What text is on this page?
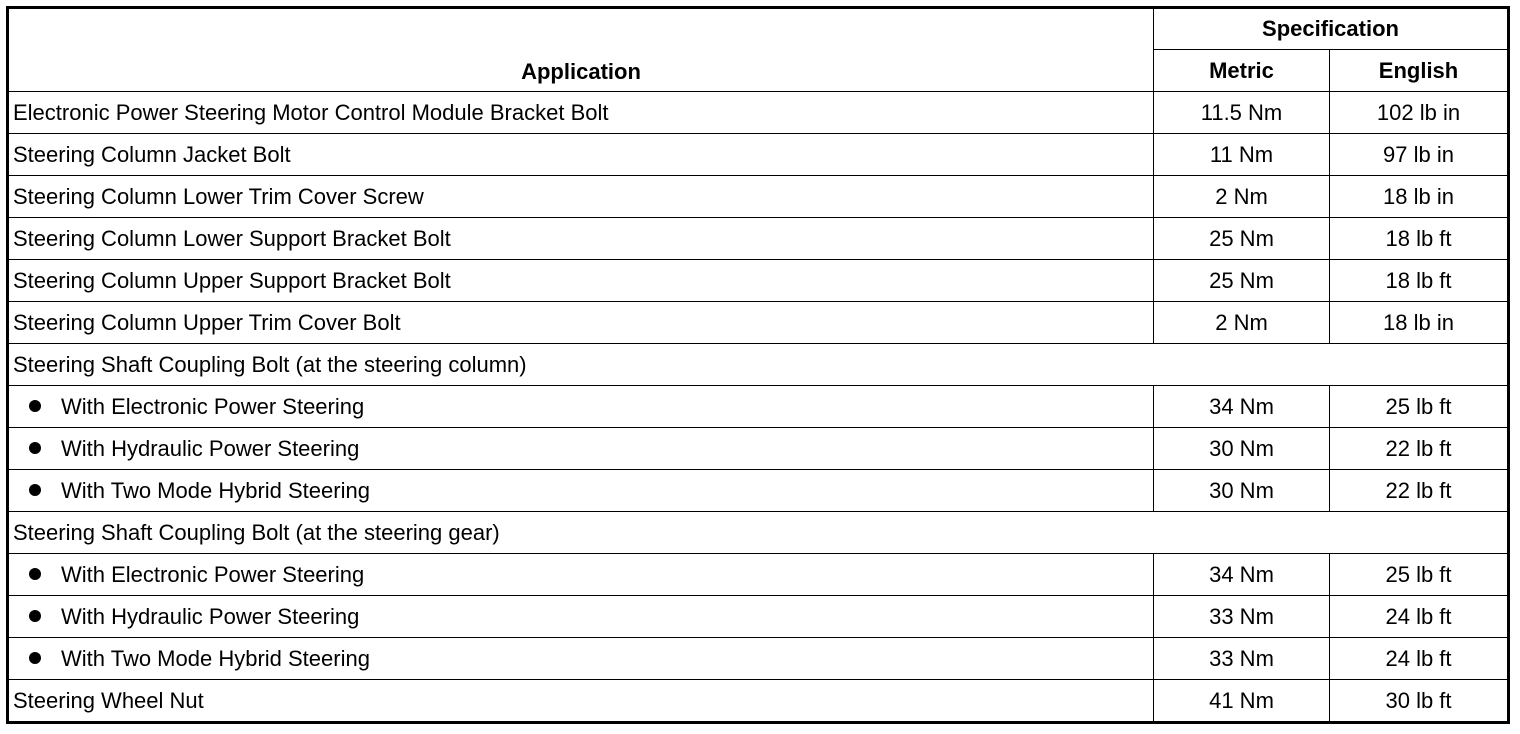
Application	Specification	
	Metric	English
Electronic Power Steering Motor Control Module Bracket Bolt	11.5 Nm	102 lb in
Steering Column Jacket Bolt	11 Nm	97 lb in
Steering Column Lower Trim Cover Screw	2 Nm	18 lb in
Steering Column Lower Support Bracket Bolt	25 Nm	18 lb ft
Steering Column Upper Support Bracket Bolt	25 Nm	18 lb ft
Steering Column Upper Trim Cover Bolt	2 Nm	18 lb in
Steering Shaft Coupling Bolt (at the steering column)		
With Electronic Power Steering	34 Nm	25 lb ft
With Hydraulic Power Steering	30 Nm	22 lb ft
With Two Mode Hybrid Steering	30 Nm	22 lb ft
Steering Shaft Coupling Bolt (at the steering gear)		
With Electronic Power Steering	34 Nm	25 lb ft
With Hydraulic Power Steering	33 Nm	24 lb ft
With Two Mode Hybrid Steering	33 Nm	24 lb ft
Steering Wheel Nut	41 Nm	30 lb ft
